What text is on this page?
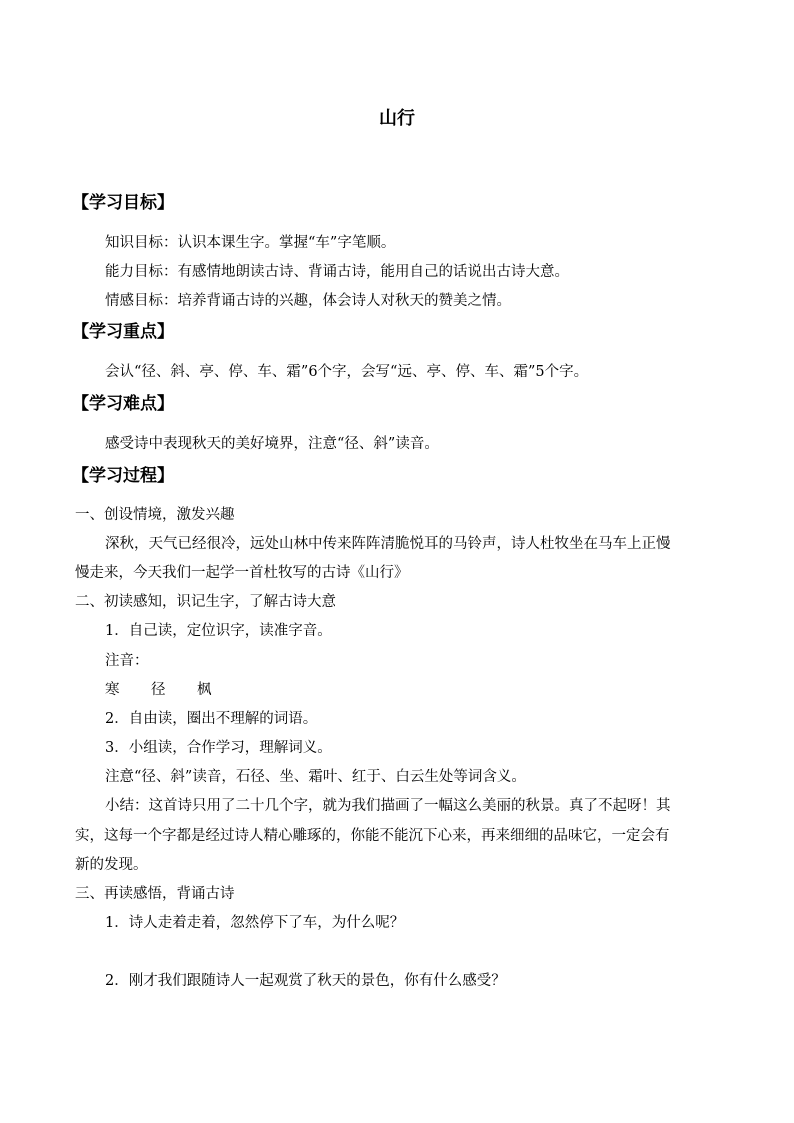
山行
【学习目标】
知识目标：认识本课生字。掌握“车”字笔顺。
能力目标：有感情地朗读古诗、背诵古诗，能用自己的话说出古诗大意。
情感目标：培养背诵古诗的兴趣，体会诗人对秋天的赞美之情。
【学习重点】
会认“径、斜、亭、停、车、霜”6个字，会写“远、亭、停、车、霜”5个字。
【学习难点】
感受诗中表现秋天的美好境界，注意“径、斜”读音。
【学习过程】
一、创设情境，激发兴趣
深秋，天气已经很冷，远处山林中传来阵阵清脆悦耳的马铃声，诗人杜牧坐在马车上正慢
慢走来，今天我们一起学一首杜牧写的古诗《山行》
二、初读感知，识记生字，了解古诗大意
1．自己读，定位识字，读准字音。
注音：
寒	径	枫
2．自由读，圈出不理解的词语。
3．小组读，合作学习，理解词义。
注意“径、斜”读音，石径、坐、霜叶、红于、白云生处等词含义。
小结：这首诗只用了二十几个字，就为我们描画了一幅这么美丽的秋景。真了不起呀！其
实，这每一个字都是经过诗人精心雕琢的，你能不能沉下心来，再来细细的品味它，一定会有
新的发现。
三、再读感悟，背诵古诗
1．诗人走着走着，忽然停下了车，为什么呢？
2．刚才我们跟随诗人一起观赏了秋天的景色，你有什么感受？
